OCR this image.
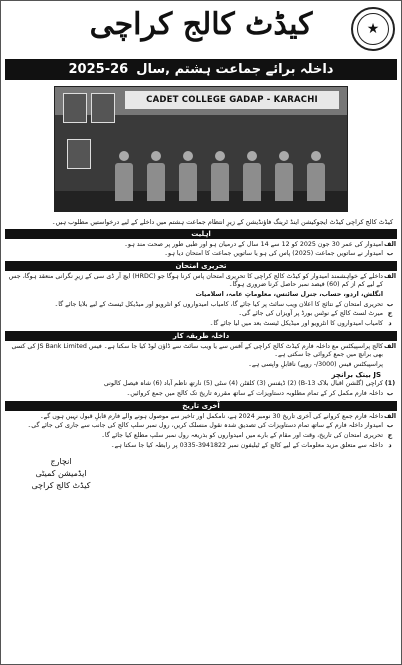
★
کیڈٹ کالج کراچی
2025-26 داخلہ برائے جماعت ہشتم ,سال
CADET COLLEGE GADAP - KARACHI
کیڈٹ کالج کراچی کیڈٹ ایجوکیشن اینڈ ٹرینگ فاؤنڈیشن کے زیرِ انتظام جماعت ہشتم میں داخلے کے لیے درخواستیں مطلوب ہیں۔
اہلیت
الف
امیدوار کی عمر 30 جون 2025 کو 12 سے 14 سال کے درمیان ہو اور طبی طور پر صحت مند ہو۔
ب
امیدوار نے ساتویں جماعت (2025) پاس کی ہو یا ساتویں جماعت کا امتحان دیا ہو۔
تحریری امتحان
الف
داخلے کے خواہشمند امیدوار کو کیڈٹ کالج کراچی کا تحریری امتحان پاس کرنا ہوگا جو (HRDC) ایچ آر ڈی سی کے زیرِ نگرانی منعقد ہوگا، جس کے لیے کم از کم (60) فیصد نمبر حاصل کرنا ضروری ہوگا۔
انگلش، اردو، حساب، جنرل سائنس، معلوماتِ عامہ، اسلامیات
ب
تحریری امتحان کے نتائج کا اعلان ویب سائٹ پر کیا جائے گا، کامیاب امیدواروں کو انٹرویو اور میڈیکل ٹیسٹ کے لیے بلایا جائے گا۔
ج
میرٹ لسٹ کالج کے نوٹس بورڈ پر آویزاں کی جائے گی۔
د
کامیاب امیدواروں کا انٹرویو اور میڈیکل ٹیسٹ بعد میں لیا جائے گا۔
داخلہ طریقہ کار
الف
کالج پراسپیکٹس مع داخلہ فارم کیڈٹ کالج کراچی کے آفس سے یا ویب سائٹ سے ڈاؤن لوڈ کیا جا سکتا ہے۔ فیس JS Bank Limited کی کسی بھی برانچ میں جمع کروائی جا سکتی ہے۔
پراسپیکٹس فیس (3000/- روپے) ناقابلِ واپسی ہے۔
JS بینک برانچز
(1)
کراچی (گلشن اقبال بلاک 13-B) (2) ڈیفنس (3) کلفٹن (4) سٹی (5) نارتھ ناظم آباد (6) شاہ فیصل کالونی
ب
داخلہ فارم مکمل کر کے تمام مطلوبہ دستاویزات کے ساتھ مقررہ تاریخ تک کالج میں جمع کروائیں۔
آخری تاریخ
الف
داخلہ فارم جمع کروانے کی آخری تاریخ 30 نومبر 2024 ہے، نامکمل اور تاخیر سے موصول ہونے والے فارم قابلِ قبول نہیں ہوں گے۔
ب
امیدوار داخلہ فارم کے ساتھ تمام دستاویزات کی تصدیق شدہ نقول منسلک کریں، رول نمبر سلپ کالج کی جانب سے جاری کی جائے گی۔
ج
تحریری امتحان کی تاریخ، وقت اور مقام کے بارے میں امیدواروں کو بذریعہ رول نمبر سلپ مطلع کیا جائے گا۔
د
داخلہ سے متعلق مزید معلومات کے لیے کالج کے ٹیلیفون نمبر 3941822-0335 پر رابطہ کیا جا سکتا ہے۔
انچارج
ایڈمیشن کمیٹی
کیڈٹ کالج کراچی
